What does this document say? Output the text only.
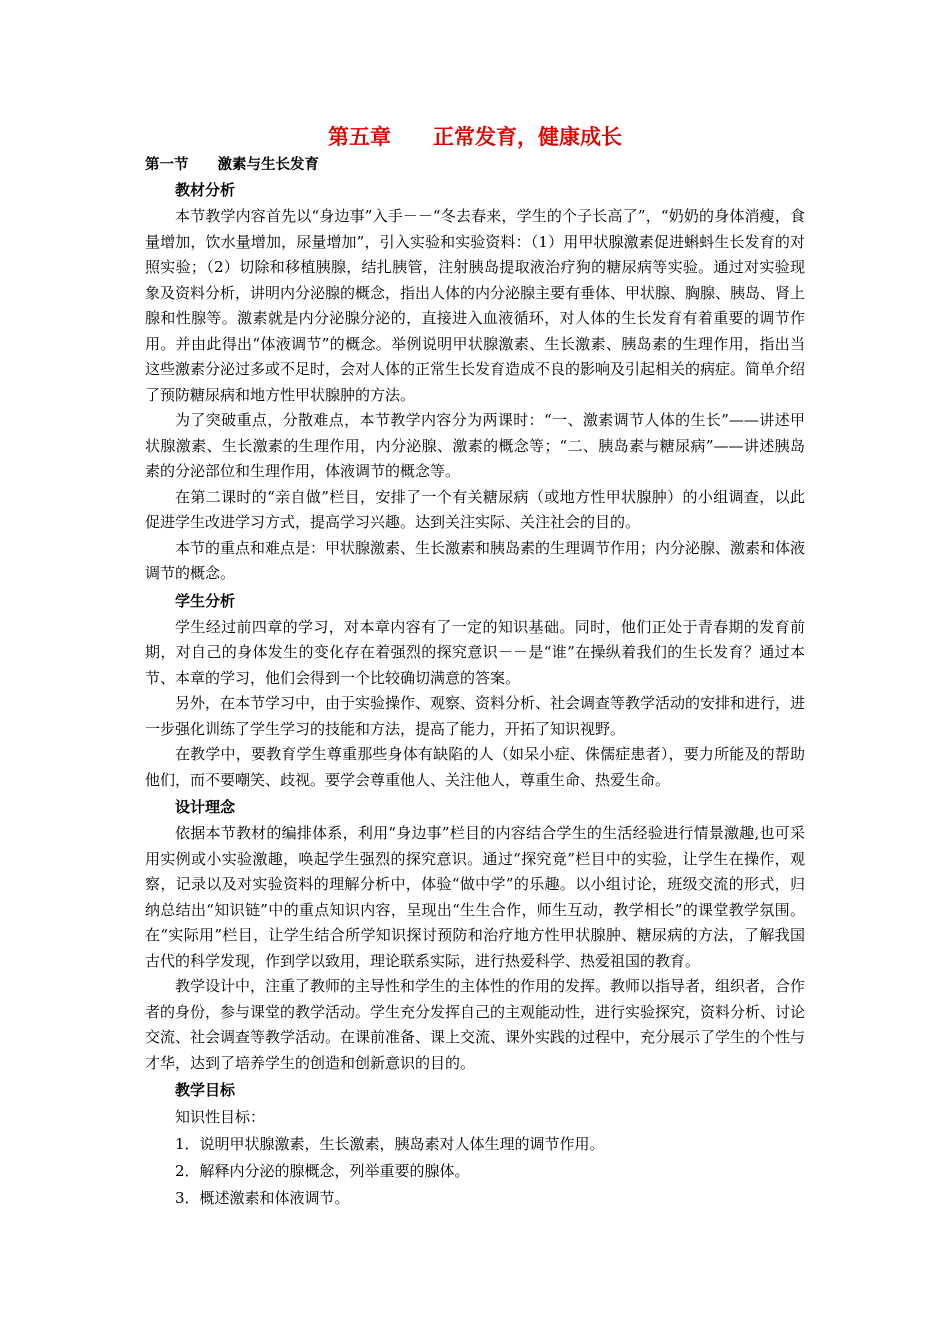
第五章　　正常发育，健康成长
第一节　　激素与生长发育
教材分析

本节教学内容首先以“身边事”入手－－“冬去春来，学生的个子长高了”，“奶奶的身体消瘦，食量增加，饮水量增加，尿量增加”，引入实验和实验资料：（1）用甲状腺激素促进蝌蚪生长发育的对照实验；（2）切除和移植胰腺，结扎胰管，注射胰岛提取液治疗狗的糖尿病等实验。通过对实验现象及资料分析，讲明内分泌腺的概念，指出人体的内分泌腺主要有垂体、甲状腺、胸腺、胰岛、肾上腺和性腺等。激素就是内分泌腺分泌的，直接进入血液循环，对人体的生长发育有着重要的调节作用。并由此得出“体液调节”的概念。举例说明甲状腺激素、生长激素、胰岛素的生理作用，指出当这些激素分泌过多或不足时，会对人体的正常生长发育造成不良的影响及引起相关的病症。简单介绍了预防糖尿病和地方性甲状腺肿的方法。

为了突破重点，分散难点，本节教学内容分为两课时：“一、激素调节人体的生长”——讲述甲状腺激素、生长激素的生理作用，内分泌腺、激素的概念等；“二、胰岛素与糖尿病”——讲述胰岛素的分泌部位和生理作用，体液调节的概念等。

在第二课时的“亲自做”栏目，安排了一个有关糖尿病（或地方性甲状腺肿）的小组调查，以此促进学生改进学习方式，提高学习兴趣。达到关注实际、关注社会的目的。

本节的重点和难点是：甲状腺激素、生长激素和胰岛素的生理调节作用；内分泌腺、激素和体液调节的概念。

学生分析

学生经过前四章的学习，对本章内容有了一定的知识基础。同时，他们正处于青春期的发育前期，对自己的身体发生的变化存在着强烈的探究意识－－是“谁”在操纵着我们的生长发育？通过本节、本章的学习，他们会得到一个比较确切满意的答案。

另外，在本节学习中，由于实验操作、观察、资料分析、社会调查等教学活动的安排和进行，进一步强化训练了学生学习的技能和方法，提高了能力，开拓了知识视野。

在教学中，要教育学生尊重那些身体有缺陷的人（如呆小症、侏儒症患者），要力所能及的帮助他们，而不要嘲笑、歧视。要学会尊重他人、关注他人，尊重生命、热爱生命。

设计理念

依据本节教材的编排体系，利用“身边事”栏目的内容结合学生的生活经验进行情景激趣,也可采用实例或小实验激趣，唤起学生强烈的探究意识。通过“探究竟”栏目中的实验，让学生在操作，观察，记录以及对实验资料的理解分析中，体验“做中学”的乐趣。以小组讨论，班级交流的形式，归纳总结出“知识链”中的重点知识内容，呈现出“生生合作，师生互动，教学相长”的课堂教学氛围。在“实际用”栏目，让学生结合所学知识探讨预防和治疗地方性甲状腺肿、糖尿病的方法，了解我国古代的科学发现，作到学以致用，理论联系实际，进行热爱科学、热爱祖国的教育。

教学设计中，注重了教师的主导性和学生的主体性的作用的发挥。教师以指导者，组织者，合作者的身份，参与课堂的教学活动。学生充分发挥自己的主观能动性，进行实验探究，资料分析、讨论交流、社会调查等教学活动。在课前准备、课上交流、课外实践的过程中，充分展示了学生的个性与才华，达到了培养学生的创造和创新意识的目的。

教学目标

知识性目标：

1．说明甲状腺激素，生长激素，胰岛素对人体生理的调节作用。

2．解释内分泌的腺概念，列举重要的腺体。

3．概述激素和体液调节。
